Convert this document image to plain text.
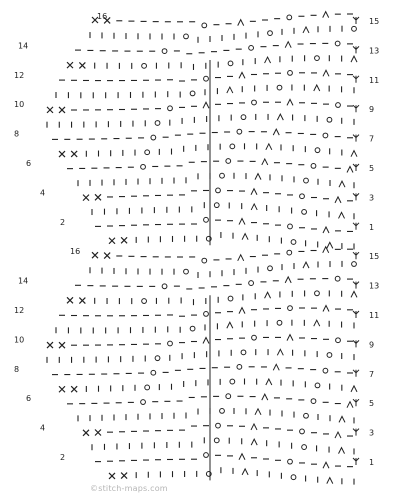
15
13
11
9
7
5
3
1
16
14
12
10
8
6
4
2
15
13
11
9
7
5
3
1
16
14
12
10
8
6
4
2
©stitch-maps.com
